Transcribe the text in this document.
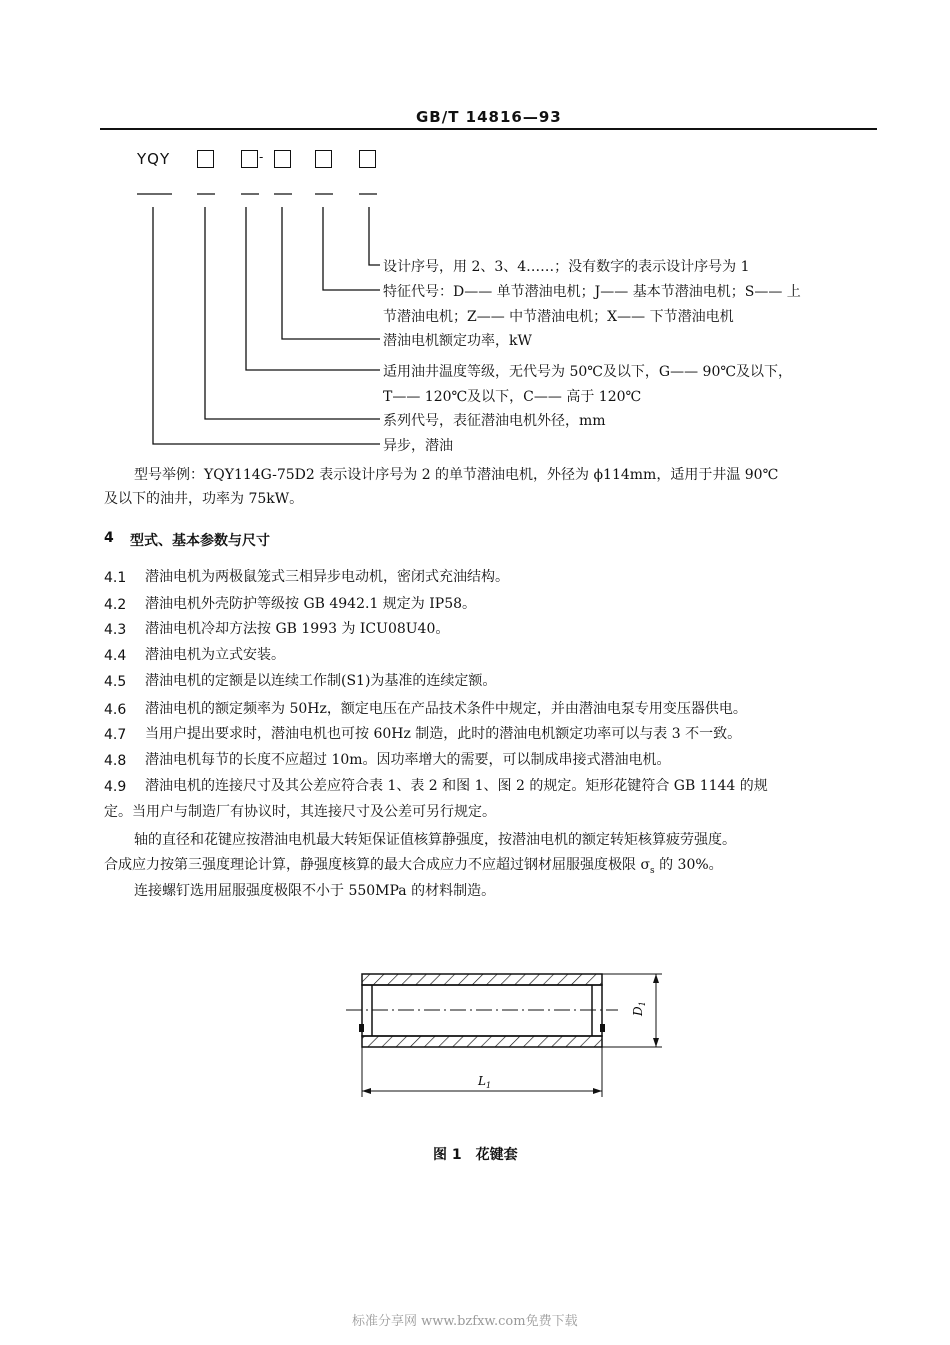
GB/T 14816—93
YQY	-
设计序号，用 2、3、4……；没有数字的表示设计序号为 1
特征代号：D—— 单节潜油电机；J—— 基本节潜油电机；S—— 上
节潜油电机；Z—— 中节潜油电机；X—— 下节潜油电机
潜油电机额定功率，kW
适用油井温度等级，无代号为 50℃及以下，G—— 90℃及以下，
T—— 120℃及以下，C—— 高于 120℃
系列代号，表征潜油电机外径，mm
异步，潜油
型号举例：YQY114G-75D2 表示设计序号为 2 的单节潜油电机，外径为 ϕ114mm，适用于井温 90℃
及以下的油井，功率为 75kW。
4 型式、基本参数与尺寸
4.1 潜油电机为两极鼠笼式三相异步电动机，密闭式充油结构。
4.2 潜油电机外壳防护等级按 GB 4942.1 规定为 IP58。
4.3 潜油电机冷却方法按 GB 1993 为 ICU08U40。
4.4 潜油电机为立式安装。
4.5 潜油电机的定额是以连续工作制(S1)为基准的连续定额。
4.6 潜油电机的额定频率为 50Hz，额定电压在产品技术条件中规定，并由潜油电泵专用变压器供电。
4.7 当用户提出要求时，潜油电机也可按 60Hz 制造，此时的潜油电机额定功率可以与表 3 不一致。
4.8 潜油电机每节的长度不应超过 10m。因功率增大的需要，可以制成串接式潜油电机。
4.9 潜油电机的连接尺寸及其公差应符合表 1、表 2 和图 1、图 2 的规定。矩形花键符合 GB 1144 的规
定。当用户与制造厂有协议时，其连接尺寸及公差可另行规定。
轴的直径和花键应按潜油电机最大转矩保证值核算静强度，按潜油电机的额定转矩核算疲劳强度。
合成应力按第三强度理论计算，静强度核算的最大合成应力不应超过钢材屈服强度极限 $\sigma_s$ 的 30%。
连接螺钉选用屈服强度极限不小于 550MPa 的材料制造。
$D_1$
$L_1$
图 1　花键套
标准分享网 www.bzfxw.com免费下载
